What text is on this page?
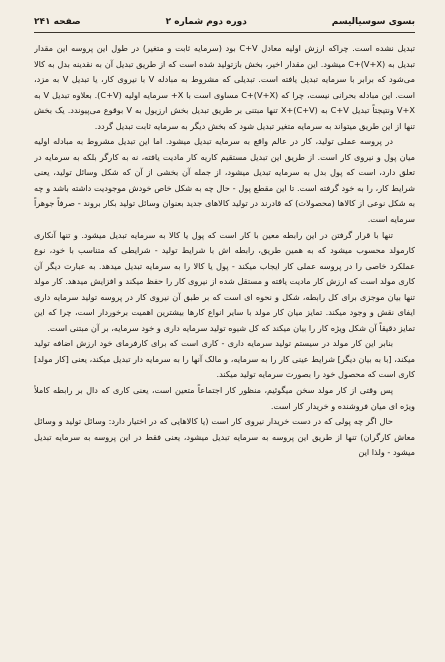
بسوی سوسیالیسم
دوره دوم شماره ۲
صفحه ۲۴۱

تبدیل نشده است. چراکه ارزش اولیه معادل C+V بود (سرمایه ثابت و متغیر) در طول این پروسه این مقدار تبدیل به C+(V+X) میشود. این مقدار اخیر، بخش بازتولید شده است که از طریق تبدیل آن به نقدینه بدل به کالا می‌شود که برابر با سرمایه تبدیل یافته است. تبدیلی که مشروط به مبادله V با نیروی کار، یا تبدیل V به مزد، است. این مبادله بحرانی نیست، چرا که C+(V+X) مساوی است با X+ سرمایه اولیه (C+V). بعلاوه تبدیل V به V+X ونتیجتاً تبدیل C+V به (C+V)+X تنها مبتنی بر طریق تبدیل بخش ارزیول به V بوقوع می‌پیوندد. یک بخش تنها از این طریق میتواند به سرمایه متغیر تبدیل شود که بخش دیگر به سرمایه ثابت تبدیل گردد.

در پروسه عملی تولید، کار در عالم واقع به سرمایه تبدیل میشود. اما این تبدیل مشروط به مبادله اولیه میان پول و نیروی کار است. از طریق این تبدیل مستقیم کاریه کار مادیت یافته، نه به کارگر بلکه به سرمایه در تعلق دارد، است که پول بدل به سرمایه تبدیل میشود، از جمله آن بخشی از آن که شکل وسائل تولید، یعنی شرایط کار، را به خود گرفته است. تا این مقطع پول - حال چه به شکل خاص خودش موجودیت داشته باشد و چه به شکل نوعی از کالاها (محصولات) که قادرند در تولید کالاهای جدید بعنوان وسائل تولید بکار بروند - صرفاً جوهراً سرمایه است.

تنها با قرار گرفتن در این رابطه معین با کار است که پول یا کالا به سرمایه تبدیل میشود. و تنها آنکاری کارمولد محسوب میشود که به همین طریق، رابطه اش با شرایط تولید - شرایطی که متناسب با خود، نوع عملکرد خاصی را در پروسه عملی کار ایجاب میکند - پول یا کالا را به سرمایه تبدیل میدهد. به عبارت دیگر آن کاری مولد است که ارزش کار مادیت یافته و مستقل شده از نیروی کار را حفظ میکند و افزایش میدهد. کار مولد تنها بیان موجزی برای کل رابطه، شکل و نحوه ای است که بر طبق آن نیروی کار در پروسه تولید سرمایه داری ایفای نقش و وجود میکند. تمایز میان کار مولد با سایر انواع کارها بیشترین اهمیت برخوردار است، چرا که این تمایز دقیقاً آن شکل ویژه کار را بیان میکند که کل شیوه تولید سرمایه داری و خود سرمایه، بر آن مبتنی است.

بنابر این کار مولد در سیستم تولید سرمایه داری - کاری است که برای کارفرمای خود ارزش اضافه تولید میکند، [با به بیان دیگر] شرایط عینی کار را به سرمایه، و مالک آنها را به سرمایه دار تبدیل میکند، یعنی [کار مولد] کاری است که محصول خود را بصورت سرمایه تولید میکند.

پس وقتی از کار مولد سخن میگوئیم، منظور کار اجتماعاً متعین است، یعنی کاری که دال بر رابطه کاملاً ویژه ای میان فروشنده و خریدار کار است.

حال اگر چه پولی که در دست خریدار نیروی کار است (یا کالاهایی که در اختیار دارد: وسائل تولید و وسائل معاش کارگران) تنها از طریق این پروسه به سرمایه تبدیل میشود، یعنی فقط در این پروسه به سرمایه تبدیل میشود - ولذا این
